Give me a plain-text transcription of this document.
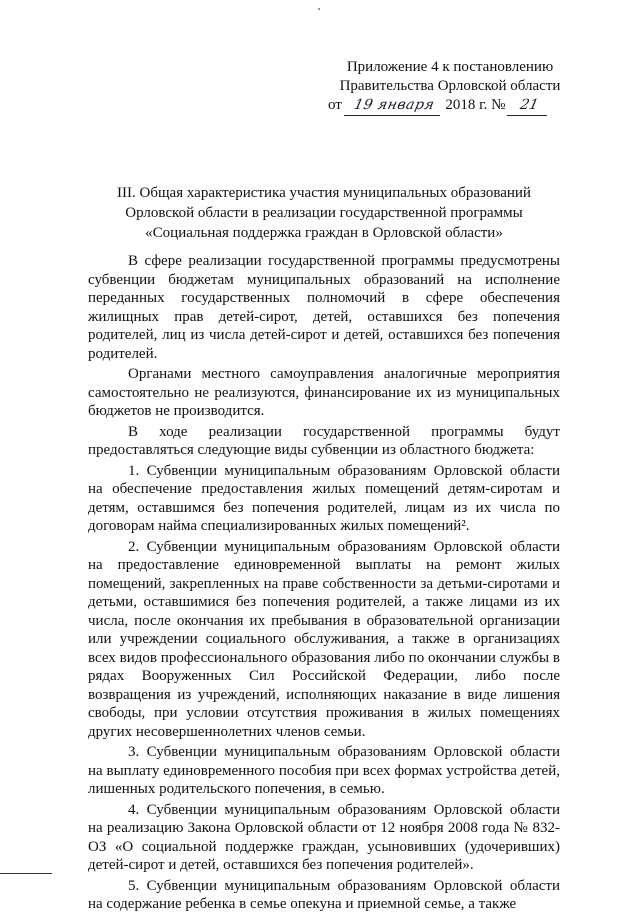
Приложение 4 к постановлению
Правительства Орловской области
от 19 января 2018 г. № 21
III. Общая характеристика участия муниципальных образований Орловской области в реализации государственной программы «Социальная поддержка граждан в Орловской области»

В сфере реализации государственной программы предусмотрены субвенции бюджетам муниципальных образований на исполнение переданных государственных полномочий в сфере обеспечения жилищных прав детей-сирот, детей, оставшихся без попечения родителей, лиц из числа детей-сирот и детей, оставшихся без попечения родителей.

Органами местного самоуправления аналогичные мероприятия самостоятельно не реализуются, финансирование их из муниципальных бюджетов не производится.

В ходе реализации государственной программы будут предоставляться следующие виды субвенции из областного бюджета:

1. Субвенции муниципальным образованиям Орловской области на обеспечение предоставления жилых помещений детям-сиротам и детям, оставшимся без попечения родителей, лицам из их числа по договорам найма специализированных жилых помещений².

2. Субвенции муниципальным образованиям Орловской области на предоставление единовременной выплаты на ремонт жилых помещений, закрепленных на праве собственности за детьми-сиротами и детьми, оставшимися без попечения родителей, а также лицами из их числа, после окончания их пребывания в образовательной организации или учреждении социального обслуживания, а также в организациях всех видов профессионального образования либо по окончании службы в рядах Вооруженных Сил Российской Федерации, либо после возвращения из учреждений, исполняющих наказание в виде лишения свободы, при условии отсутствия проживания в жилых помещениях других несовершеннолетних членов семьи.

3. Субвенции муниципальным образованиям Орловской области на выплату единовременного пособия при всех формах устройства детей, лишенных родительского попечения, в семью.

4. Субвенции муниципальным образованиям Орловской области на реализацию Закона Орловской области от 12 ноября 2008 года № 832-ОЗ «О социальной поддержке граждан, усыновивших (удочеривших) детей-сирот и детей, оставшихся без попечения родителей».

5. Субвенции муниципальным образованиям Орловской области на содержание ребенка в семье опекуна и приемной семье, а также
